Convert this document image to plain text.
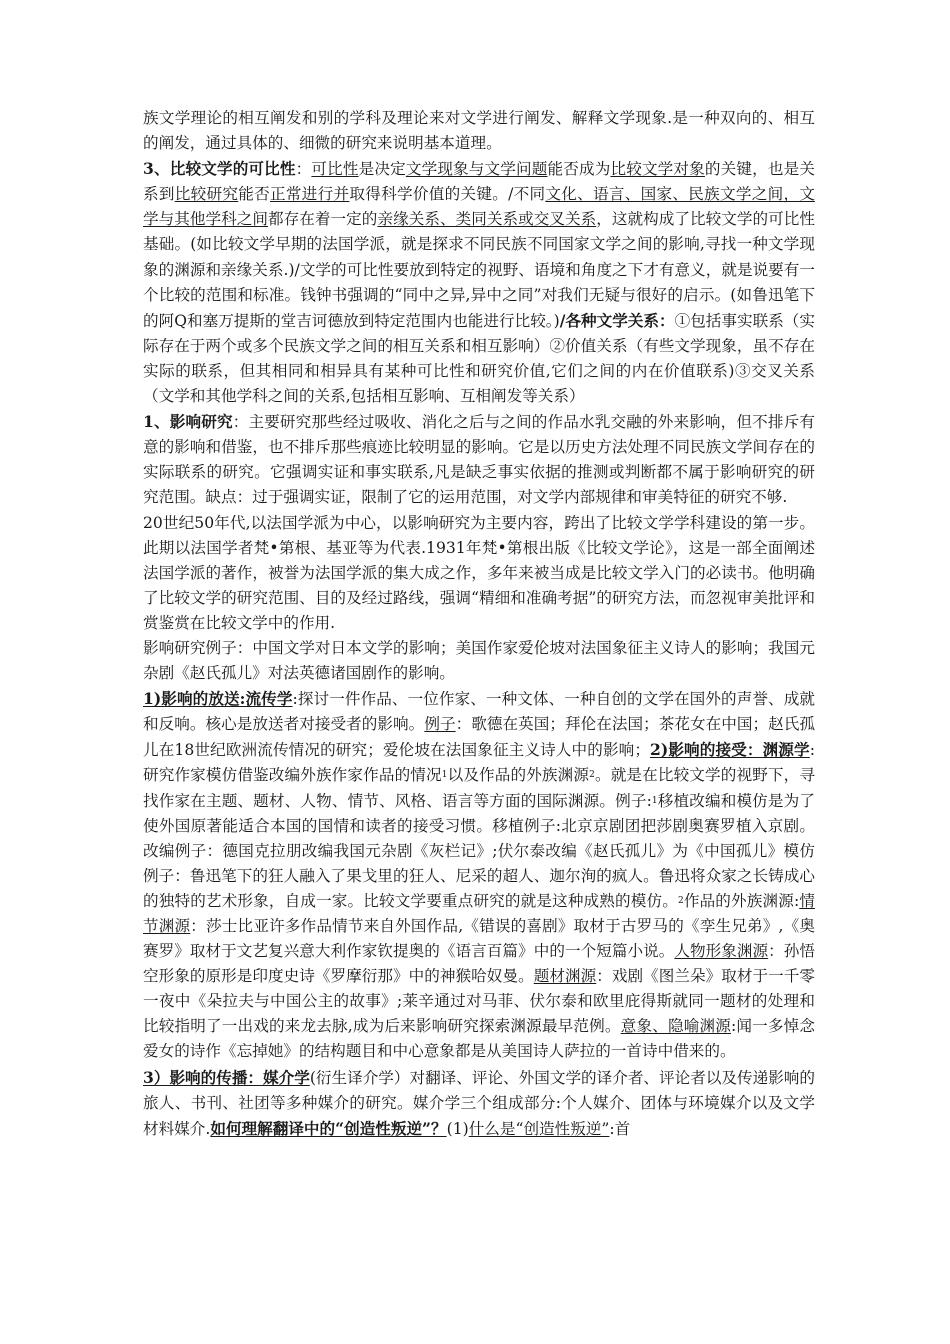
族文学理论的相互阐发和别的学科及理论来对文学进行阐发、解释文学现象.是一种双向的、相互的阐发，通过具体的、细微的研究来说明基本道理。

3、比较文学的可比性：可比性是决定文学现象与文学问题能否成为比较文学对象的关键，也是关系到比较研究能否正常进行并取得科学价值的关键。/不同文化、语言、国家、民族文学之间，文学与其他学科之间都存在着一定的亲缘关系、类同关系或交叉关系，这就构成了比较文学的可比性基础。(如比较文学早期的法国学派，就是探求不同民族不同国家文学之间的影响,寻找一种文学现象的渊源和亲缘关系.)/文学的可比性要放到特定的视野、语境和角度之下才有意义，就是说要有一个比较的范围和标准。钱钟书强调的“同中之异,异中之同”对我们无疑与很好的启示。(如鲁迅笔下的阿Q和塞万提斯的堂吉诃德放到特定范围内也能进行比较。)/各种文学关系：①包括事实联系（实际存在于两个或多个民族文学之间的相互关系和相互影响）②价值关系（有些文学现象，虽不存在实际的联系，但其相同和相异具有某种可比性和研究价值,它们之间的内在价值联系)③交叉关系（文学和其他学科之间的关系,包括相互影响、互相阐发等关系）

1、影响研究：主要研究那些经过吸收、消化之后与之间的作品水乳交融的外来影响，但不排斥有意的影响和借鉴，也不排斥那些痕迹比较明显的影响。它是以历史方法处理不同民族文学间存在的实际联系的研究。它强调实证和事实联系,凡是缺乏事实依据的推测或判断都不属于影响研究的研究范围。缺点：过于强调实证，限制了它的运用范围，对文学内部规律和审美特征的研究不够.

20世纪50年代,以法国学派为中心，以影响研究为主要内容，跨出了比较文学学科建设的第一步。此期以法国学者梵•第根、基亚等为代表.1931年梵•第根出版《比较文学论》，这是一部全面阐述法国学派的著作，被誉为法国学派的集大成之作，多年来被当成是比较文学入门的必读书。他明确了比较文学的研究范围、目的及经过路线，强调“精细和准确考据”的研究方法，而忽视审美批评和赏鉴赏在比较文学中的作用.

影响研究例子：中国文学对日本文学的影响；美国作家爱伦坡对法国象征主义诗人的影响；我国元杂剧《赵氏孤儿》对法英德诸国剧作的影响。

1)影响的放送:流传学:探讨一件作品、一位作家、一种文体、一种自创的文学在国外的声誉、成就和反响。核心是放送者对接受者的影响。例子：歌德在英国；拜伦在法国；茶花女在中国；赵氏孤儿在18世纪欧洲流传情况的研究；爱伦坡在法国象征主义诗人中的影响；2)影响的接受：渊源学:研究作家模仿借鉴改编外族作家作品的情况$^1$以及作品的外族渊源$^2$。就是在比较文学的视野下，寻找作家在主题、题材、人物、情节、风格、语言等方面的国际渊源。例子:$^1$移植改编和模仿是为了使外国原著能适合本国的国情和读者的接受习惯。移植例子:北京京剧团把莎剧奥赛罗植入京剧。改编例子：德国克拉朋改编我国元杂剧《灰栏记》;伏尔泰改编《赵氏孤儿》为《中国孤儿》模仿例子：鲁迅笔下的狂人融入了果戈里的狂人、尼采的超人、迦尔洵的疯人。鲁迅将众家之长铸成心的独特的艺术形象，自成一家。比较文学要重点研究的就是这种成熟的模仿。$^2$作品的外族渊源:情节渊源：莎士比亚许多作品情节来自外国作品,《错误的喜剧》取材于古罗马的《孪生兄弟》,《奥赛罗》取材于文艺复兴意大利作家钦提奥的《语言百篇》中的一个短篇小说。人物形象渊源：孙悟空形象的原形是印度史诗《罗摩衍那》中的神猴哈奴曼。题材渊源：戏剧《图兰朵》取材于一千零一夜中《朵拉夫与中国公主的故事》;莱辛通过对马菲、伏尔泰和欧里庇得斯就同一题材的处理和比较指明了一出戏的来龙去脉,成为后来影响研究探索渊源最早范例。意象、隐喻渊源:闻一多悼念爱女的诗作《忘掉她》的结构题目和中心意象都是从美国诗人萨拉的一首诗中借来的。

3）影响的传播：媒介学(衍生译介学）对翻译、评论、外国文学的译介者、评论者以及传递影响的旅人、书刊、社团等多种媒介的研究。媒介学三个组成部分:个人媒介、团体与环境媒介以及文学材料媒介.如何理解翻译中的“创造性叛逆”？(1)什么是“创造性叛逆”:首
